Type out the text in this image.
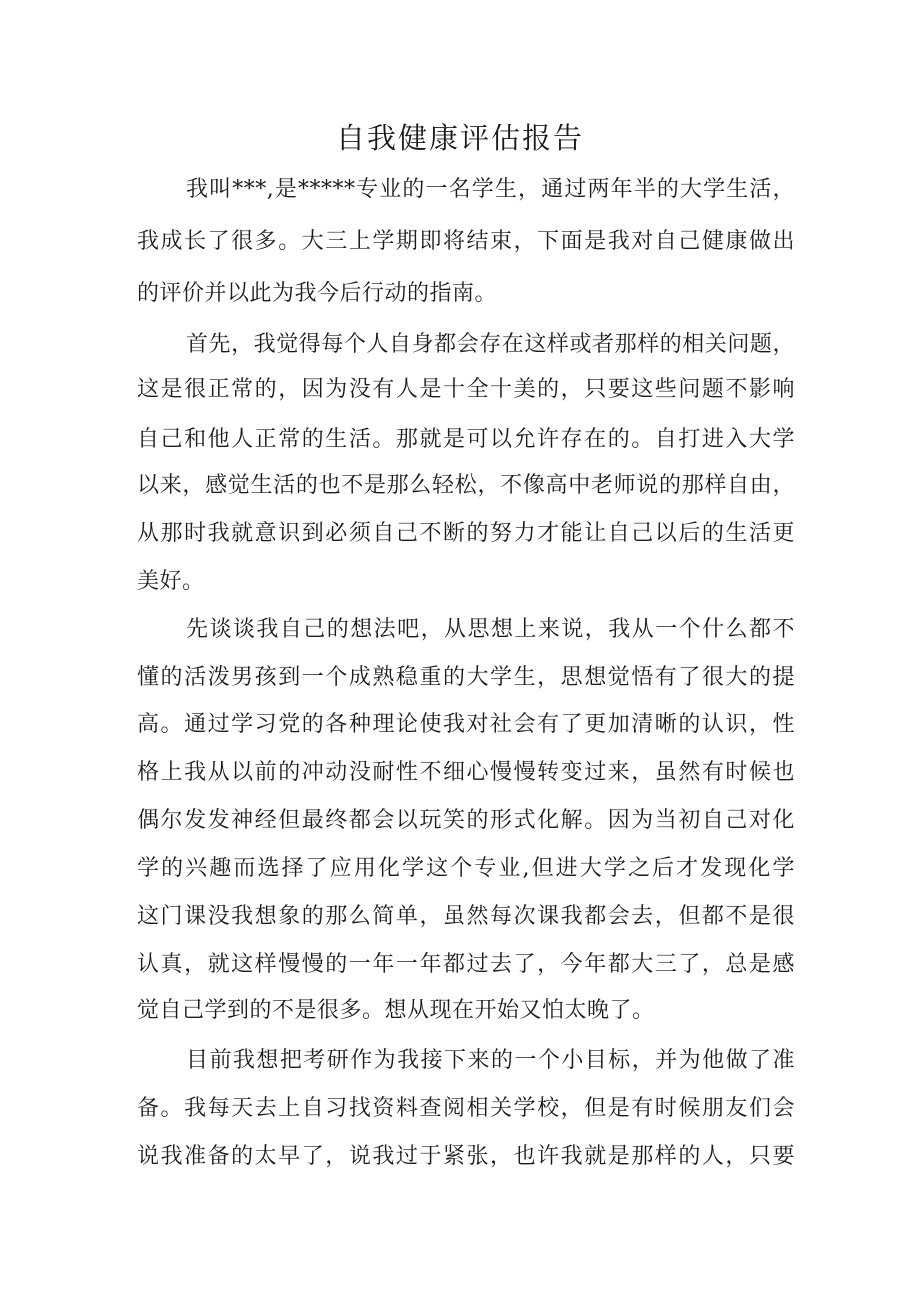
自我健康评估报告
我叫***,是*****专业的一名学生，通过两年半的大学生活，
我成长了很多。大三上学期即将结束，下面是我对自己健康做出
的评价并以此为我今后行动的指南。
首先，我觉得每个人自身都会存在这样或者那样的相关问题，
这是很正常的，因为没有人是十全十美的，只要这些问题不影响
自己和他人正常的生活。那就是可以允许存在的。自打进入大学
以来，感觉生活的也不是那么轻松，不像高中老师说的那样自由，
从那时我就意识到必须自己不断的努力才能让自己以后的生活更
美好。
先谈谈我自己的想法吧，从思想上来说，我从一个什么都不
懂的活泼男孩到一个成熟稳重的大学生，思想觉悟有了很大的提
高。通过学习党的各种理论使我对社会有了更加清晰的认识，性
格上我从以前的冲动没耐性不细心慢慢转变过来，虽然有时候也
偶尔发发神经但最终都会以玩笑的形式化解。因为当初自己对化
学的兴趣而选择了应用化学这个专业,但进大学之后才发现化学
这门课没我想象的那么简单，虽然每次课我都会去，但都不是很
认真，就这样慢慢的一年一年都过去了，今年都大三了，总是感
觉自己学到的不是很多。想从现在开始又怕太晚了。
目前我想把考研作为我接下来的一个小目标，并为他做了准
备。我每天去上自习找资料查阅相关学校，但是有时候朋友们会
说我准备的太早了，说我过于紧张，也许我就是那样的人，只要
